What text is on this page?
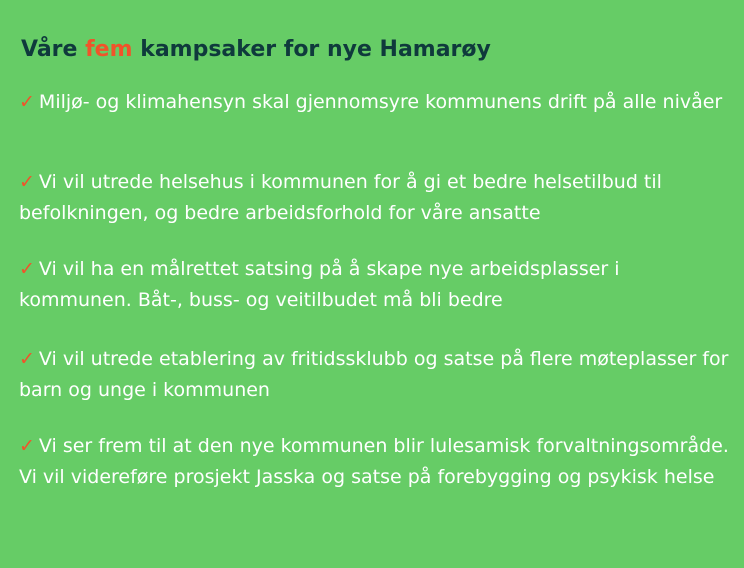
Våre fem kampsaker for nye Hamarøy

✓ Miljø- og klimahensyn skal gjennomsyre kommunens drift på alle nivåer

✓ Vi vil utrede helsehus i kommunen for å gi et bedre helsetilbud til befolkningen, og bedre arbeidsforhold for våre ansatte

✓ Vi vil ha en målrettet satsing på å skape nye arbeidsplasser i kommunen. Båt-, buss- og veitilbudet må bli bedre

✓ Vi vil utrede etablering av fritidssklubb og satse på flere møteplasser for barn og unge i kommunen

✓ Vi ser frem til at den nye kommunen blir lulesamisk forvaltningsområde. Vi vil videreføre prosjekt Jasska og satse på forebygging og psykisk helse
